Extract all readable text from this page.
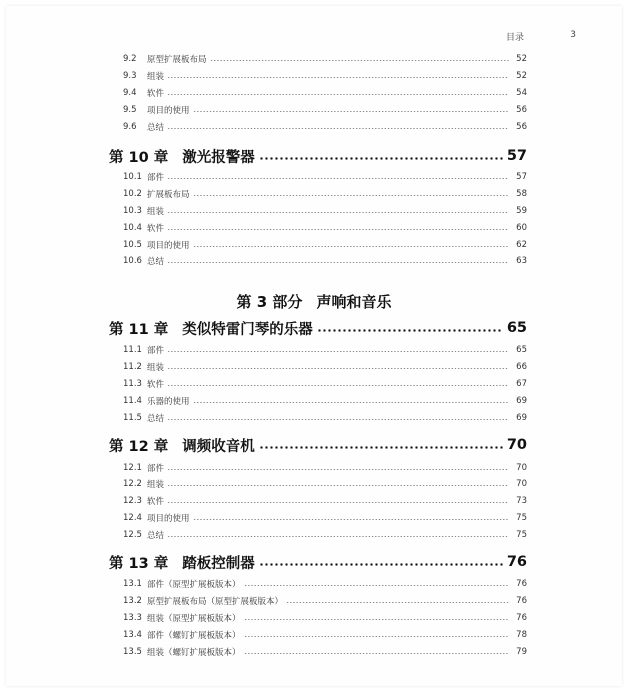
目录	3
9.2	原型扩展板布局	52
9.3	组装	52
9.4	软件	54
9.5	项目的使用	56
9.6	总结	56
第 10 章 激光报警器	57
10.1 部件	57
10.2 扩展板布局	58
10.3 组装	59
10.4 软件	60
10.5 项目的使用	62
10.6 总结	63
第 3 部分 声响和音乐
第 11 章 类似特雷门琴的乐器	65
11.1 部件	65
11.2 组装	66
11.3 软件	67
11.4 乐器的使用	69
11.5 总结	69
第 12 章 调频收音机	70
12.1 部件	70
12.2 组装	70
12.3 软件	73
12.4 项目的使用	75
12.5 总结	75
第 13 章 踏板控制器	76
13.1 部件（原型扩展板版本）	76
13.2 原型扩展板布局（原型扩展板版本）	76
13.3 组装（原型扩展板版本）	76
13.4 部件（螺钉扩展板版本）	78
13.5 组装（螺钉扩展板版本）	79
